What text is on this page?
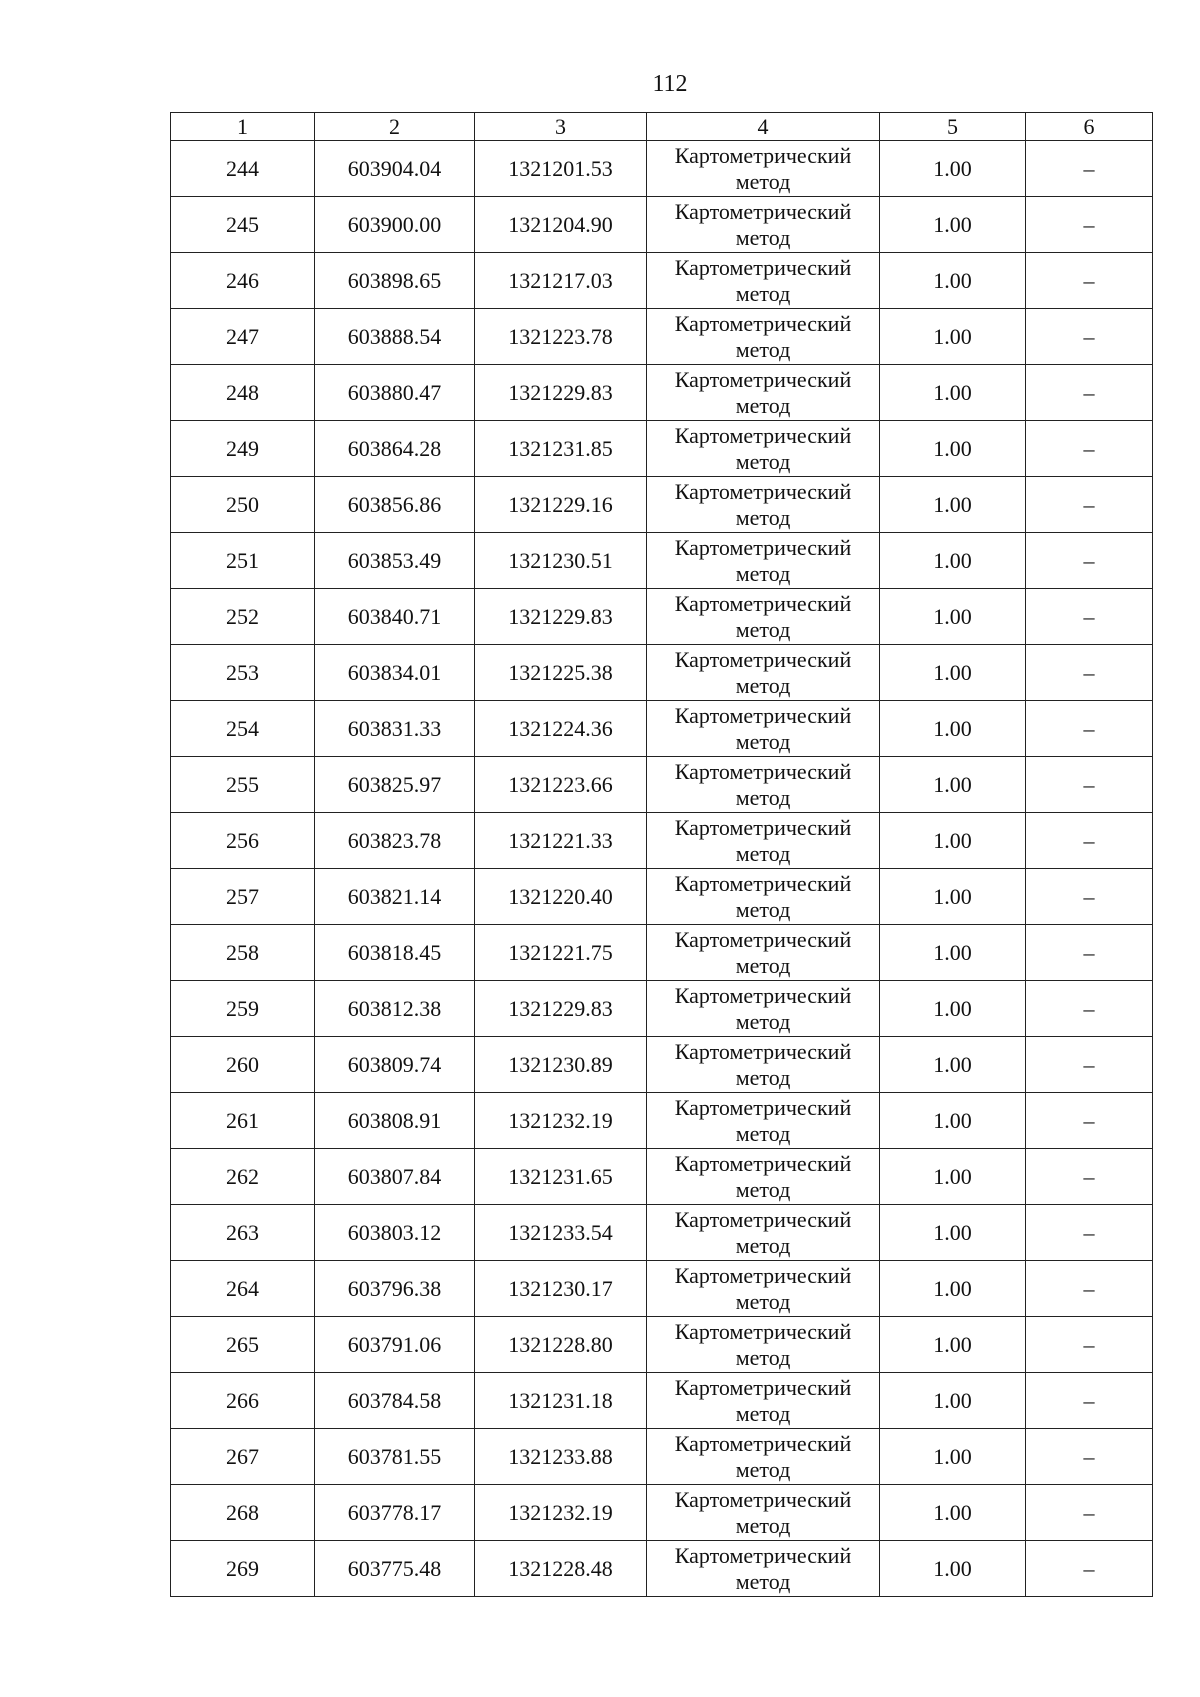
112
1	2	3	4	5	6
244	603904.04	1321201.53	Картометрический метод	1.00	–
245	603900.00	1321204.90	Картометрический метод	1.00	–
246	603898.65	1321217.03	Картометрический метод	1.00	–
247	603888.54	1321223.78	Картометрический метод	1.00	–
248	603880.47	1321229.83	Картометрический метод	1.00	–
249	603864.28	1321231.85	Картометрический метод	1.00	–
250	603856.86	1321229.16	Картометрический метод	1.00	–
251	603853.49	1321230.51	Картометрический метод	1.00	–
252	603840.71	1321229.83	Картометрический метод	1.00	–
253	603834.01	1321225.38	Картометрический метод	1.00	–
254	603831.33	1321224.36	Картометрический метод	1.00	–
255	603825.97	1321223.66	Картометрический метод	1.00	–
256	603823.78	1321221.33	Картометрический метод	1.00	–
257	603821.14	1321220.40	Картометрический метод	1.00	–
258	603818.45	1321221.75	Картометрический метод	1.00	–
259	603812.38	1321229.83	Картометрический метод	1.00	–
260	603809.74	1321230.89	Картометрический метод	1.00	–
261	603808.91	1321232.19	Картометрический метод	1.00	–
262	603807.84	1321231.65	Картометрический метод	1.00	–
263	603803.12	1321233.54	Картометрический метод	1.00	–
264	603796.38	1321230.17	Картометрический метод	1.00	–
265	603791.06	1321228.80	Картометрический метод	1.00	–
266	603784.58	1321231.18	Картометрический метод	1.00	–
267	603781.55	1321233.88	Картометрический метод	1.00	–
268	603778.17	1321232.19	Картометрический метод	1.00	–
269	603775.48	1321228.48	Картометрический метод	1.00	–
